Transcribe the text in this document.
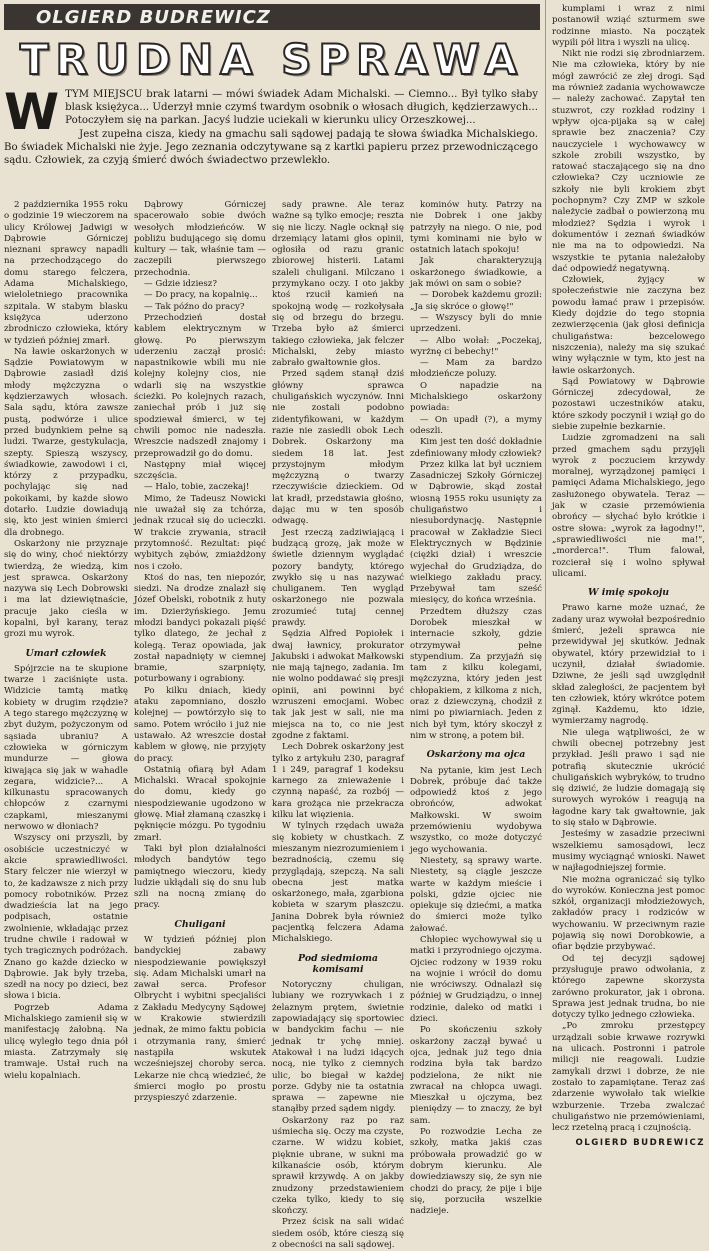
OLGIERD BUDREWICZ
TRUDNA SPRAWA
W TYM MIEJSCU brak latarni — mówi świadek Adam Michalski. — Ciemno... Był tylko słaby blask księżyca... Uderzył mnie czymś twardym osobnik o włosach długich, kędzierzawych... Potoczyłem się na parkan. Jacyś ludzie uciekali w kierunku ulicy Orzeszkowej...

Jest zupełna cisza, kiedy na gmachu sali sądowej padają te słowa świadka Michalskiego. Bo świadek Michalski nie żyje. Jego zeznania odczytywane są z kartki papieru przez przewodniczącego sądu. Człowiek, za czyją śmierć dwóch świadectwo przewlekło.

2 października 1955 roku o godzinie 19 wieczorem na ulicy Królowej Jadwigi w Dąbrowie Górniczej nieznani sprawcy napadli na przechodzącego do domu starego felczera, Adama Michalskiego, wieloletniego pracownika szpitala. W stabym blasku księżyca uderzono zbrodniczo człowieka, który w tydzień później zmarł.

Na ławie oskarżonych w Sądzie Powiatowym w Dąbrowie zasiadł dziś młody mężczyzna o kędzierzawych włosach. Sala sądu, która zawsze pustą, podwórze i ulice przed budynkiem pełne są ludzi. Twarze, gestykulacja, szepty. Spieszą wszyscy, świadkowie, zawodowi i ci, którzy z przypadku, pochylając się nad pokoikami, by każde słowo dotarło. Ludzie dowiadują się, kto jest winien śmierci dla drobnego.

Oskarżony nie przyznaje się do winy, choć niektórzy twierdzą, że wiedzą, kim jest sprawca. Oskarżony nazywa się Lech Dobrowski i ma lat dziewiętnaście, pracuje jako cieśla w kopalni, był karany, teraz grozi mu wyrok.

Umarł człowiek

Spójrzcie na te skupione twarze i zaciśnięte usta. Widzicie tamtą matkę kobiety w drugim rzędzie? A tego starego mężczyznę w zbyt dużym, pożyczonym od sąsiada ubraniu? A człowieka w górniczym mundurze — głowa kiwająca się jak w wahadle zegara, widzicie?... A kilkunastu spracowanych chłopców z czarnymi czapkami, mieszanymi nerwowo w dłoniach?

Wszyscy oni przyszli, by osobiście uczestniczyć w akcie sprawiedliwości. Stary felczer nie wierzył w to, że kadzawsze z nich przy pomocy robotników. Przez dwadzieścia lat na jego podpisach, ostatnie zwolnienie, wkładając przez trudne chwile i radował w tych tragicznych podróżach. Znano go każde dziecko w Dąbrowie. Jak były trzeba, szedł na nocy po dzieci, bez słowa i bicia.

Pogrzeb Adama Michalskiego zamienił się w manifestację żałobną. Na ulicę wyległo tego dnia pół miasta. Zatrzymały się tramwaje. Ustał ruch na wielu kopalniach.

Dąbrowy Górniczej spacerowało sobie dwóch wesołych młodzieńców. W pobliżu budującego się domu kultury — tak, właśnie tam — zaczepili pierwszego przechodnia.

— Gdzie idziesz?

— Do pracy, na kopalnię...

— Tak późno do pracy?

Przechodzień dostał kablem elektrycznym w głowę. Po pierwszym uderzeniu zaczął prosić: napastnikowie wbili mu nie kolejny kolejny cios, nie wdarli się na wszystkie ścieżki. Po kolejnych razach, zaniechał prób i już się spodziewał śmierci, w tej chwili pomoc nie nadeszła. Wreszcie nadszedł znajomy i przeprowadził go do domu.

Następny miał więcej szczęścia.

— Halo, tobie, zaczekaj!

Mimo, że Tadeusz Nowicki nie uważał się za tchórza, jednak rzucał się do ucieczki. W trakcie zrywania, stracił przytomność. Rezultat: pięć wybitych zębów, zmiażdżony nos i czoło.

Ktoś do nas, ten niepozór, siedzi. Na drodze znalazł się Józef Obelski, robotnik z huty im. Dzierżyńskiego. Jemu młodzi bandyci pokazali pięść tylko dlatego, że jechał z kolegą. Teraz opowiada, jak został napadnięty w ciemnej bramie, szarpnięty, poturbowany i ograbiony.

Po kilku dniach, kiedy ataku zapomniano, doszło kolejnej — powtórzyło się to samo. Potem wróciło i już nie ustawało. Aż wreszcie dostał kablem w głowę, nie przyjęty do pracy.

Ostatnią ofiarą był Adam Michalski. Wracał spokojnie do domu, kiedy go niespodziewanie ugodzono w głowę. Miał złamaną czaszkę i pęknięcie mózgu. Po tygodniu zmarł.

Taki był plon działalności młodych bandytów tego pamiętnego wieczoru, kiedy ludzie ukłądali się do snu lub szli na nocną zmianę do pracy.

Chuligani

W tydzień później plon bandyckiej zabawy niespodziewanie powiększył się. Adam Michalski umarł na zawał serca. Profesor Olbrycht i wybitni specjaliści z Zakładu Medycyny Sądowej w Krakowie stwierdzili jednak, że mimo faktu pobicia i otrzymania rany, śmierć nastąpiła wskutek wcześniejszej choroby serca. Lekarze nie chcą wiedzieć, że śmierci mogło po prostu przyspieszyć zdarzenie.

sady prawne. Ale teraz ważne są tylko emocje; reszta się nie liczy. Nagle ocknął się drzemiący latami głos opinii, ogłosiła od razu granic zbiorowej histerii. Latami szaleli chuligani. Milczano i przymykano oczy. I oto jakby ktoś rzucił kamień na spokojną wodę — rozkołysała się od brzegu do brzegu. Trzeba było aż śmierci takiego człowieka, jak felczer Michalski, żeby miasto zabrało gwałtownie głos.

Przed sądem stanął dziś główny sprawca chuligańskich wyczynów. Inni nie zostali podobno zidentyfikowani, w każdym razie nie zasiedli obok Lech Dobrek. Oskarżony ma siedem 18 lat. Jest przystojnym młodym mężczyzną o twarzy rzeczywiście dzieckiem. Od lat kradł, przedstawia głośno, dając mu w ten sposób odwagę.

Jest rzeczą zadziwiającą i budzącą grozę, jak może w świetle dziennym wyglądać pozory bandyty, którego zwykło się u nas nazywać chuliganem. Ten wygląd oskarżonego nie pozwala zrozumieć tutaj cennej prawdy.

Sędzia Alfred Popiołek i dwaj ławnicy, prokurator Jakubski i adwokat Małkowski nie mają tajnego, zadania. Im nie wolno poddawać się presji opinii, ani powinni być wzruszeni emocjami. Wobec tak jak jest w sali, nie ma miejsca na to, co nie jest zgodne z faktami.

Lech Dobrek oskarżony jest tylko z artykułu 230, paragraf 1 i 249, paragraf 1 kodeksu karnego za znieważenie i czynną napaść, za rozbój — kara grożąca nie przekracza kilku lat więzienia.

W tylnych rzędach uważa się kobiety w chustkach. Z mieszanym niezrozumieniem i bezradnością, czemu się przyglądają, szepczą. Na sali obecna jest matka oskarżonego, mała, zgarbiona kobieta w szarym płaszczu. Janina Dobrek była również pacjentką felczera Adama Michalskiego.

Pod siedmioma komisami

Notoryczny chuligan, lubiany we rozrywkach i z żelaznym prętem, świetnie zapowiadający się sportowiec w bandyckim fachu — nie jednak tr ychę mniej. Atakował i na ludzi idących nocą, nie tylko z ciemnych ulic, bo biegał w każdej porze. Gdyby nie ta ostatnia sprawa — zapewne nie stanąłby przed sądem nigdy.

Oskarżony raz po raz uśmiecha się. Oczy ma czyste, czarne. W widzu kobiet, pięknie ubrane, w sukni ma kilkanaście osób, którym sprawił krzywdę. A on jakby znudzony przedstawieniem czeka tylko, kiedy to się skończy.

Przez ścisk na sali widać siedem osób, które cieszą się z obecności na sali sądowej.

kominów huty. Patrzy na nie Dobrek i one jakby patrzyły na niego. O nie, pod tymi kominami nie było w ostatnich latach spokoju!

Jak charakteryzują oskarżonego świadkowie, a jak mówi on sam o sobie?

— Dorobek każdemu groził: „Ja się skróce o głowę!"

— Wszyscy byli do mnie uprzedzeni.

— Albo wołał: „Poczekaj, wyrżnę ci bebechy!"

— Mam za bardzo młodzieńcze poluzy.

O napadzie na Michalskiego oskarżony powiada:

— On upadł (?), a mymy odeszli.

Kim jest ten dość dokładnie zdefiniowany młody człowiek?

Przez kilka lat był uczniem Zasadniczej Szkoły Górniczej w Dąbrowie, skąd został wiosną 1955 roku usunięty za chuligaństwo i niesubordynację. Następnie pracował w Zakładzie Sieci Elektrycznych w Będzinie (ciężki dział) i wreszcie wyjechał do Grudziądza, do wielkiego zakładu pracy. Przebywał tam sześć miesięcy, do końca września.

Przedtem dłuższy czas Dorobek mieszkał w internacie szkoły, gdzie otrzymywał pełne stypendium. Za przyjaźń się tam z kilku kolegami, mężczyzna, który jeden jest chłopakiem, z kilkoma z nich, oraz z dziewczyną, chodził z nimi po piwiarniach. Jeden z nich był tym, który skoczył z nim w stronę, a potem bił.

Oskarżony ma ojca

Na pytanie, kim jest Lech Dobrek, próbuje dać także odpowiedź ktoś z jego obrońców, adwokat Małkowski. W swoim przemówieniu wydobywa wszystko, co może dotyczyć jego wychowania.

Niestety, są sprawy warte. Niestety, są ciągle jeszcze warte w każdym mieście i polski, gdzie ojciec nie opiekuje się dziećmi, a matka do śmierci może tylko żałować.

Chłopiec wychowywał się u matki i przyrodniego ojczyma. Ojciec rodzony w 1939 roku na wojnie i wrócił do domu nie wróciwszy. Odnalazł się później w Grudziądzu, o innej rodzinie, daleko od matki i dzieci.

Po skończeniu szkoły oskarżony zaczął bywać u ojca, jednak już tego dnia rodzina była tak bardzo podzielona, że nikt nie zwracał na chłopca uwagi. Mieszkał u ojczyma, bez pieniędzy — to znaczy, że był sam.

Po rozwodzie Lecha ze szkoły, matka jakiś czas próbowała prowadzić go w dobrym kierunku. Ale dowiedziawszy się, że syn nie chodzi do pracy, że pije i bije się, porzuciła wszelkie nadzieje.

kumplami i wraz z nimi postanowił wziąć szturmem swe rodzinne miasto. Na początek wypili pół litra i wyszli na ulicę.

Nikt nie rodzi się zbrodniarzem. Nie ma człowieka, który by nie mógł zawrócić ze złej drogi. Sąd ma również zadania wychowawcze — należy zachować. Zapytał ten stuzwrot, czy rozkład rodziny i wpływ ojca-pijaka są w całej sprawie bez znaczenia? Czy nauczyciele i wychowawcy w szkole zrobili wszystko, by ratować staczającego się na dno człowieka? Czy uczniowie ze szkoły nie byli krokiem zbyt pochopnym? Czy ZMP w szkole należycie zadbał o powierzoną mu młodzież? Sędzia i wyrok i dokumentów i zeznań świadków nie ma na to odpowiedzi. Na wszystkie te pytania należałoby dać odpowiedź negatywną.

Człowiek, żyjący w społeczeństwie nie zaczyna bez powodu łamać praw i przepisów. Kiedy dojdzie do tego stopnia zezwierzęcenia (jak głosi definicja chuligaństwa: bezcelowego niszczenia), należy ma się szukać winy wyłącznie w tym, kto jest na ławie oskarżonych.

Sąd Powiatowy w Dąbrowie Górniczej zdecydował, że pozostawi uczestników ataku, które szkody poczynił i wziął go do siebie zupełnie bezkarnie.

Ludzie zgromadzeni na sali przed gmachem sądu przyjęli wyrok z poczuciem krzywdy moralnej, wyrządzonej pamięci i pamięci Adama Michalskiego, jego zasłużonego obywatela. Teraz — jak w czasie przemówienia obrońcy — słychać było krótkie i ostre słowa: „wyrok za łagodny!", „sprawiedliwości nie ma!", „morderca!". Tłum falował, rozcierał się i wolno spływał ulicami.

W imię spokoju

Prawo karne może uznać, że zadany uraz wywołał bezpośrednio śmierć, jeżeli sprawca nie przewidywał jej skutków. Jednak obywatel, który przewidział to i uczynił, działał świadomie. Dziwne, że jeśli sąd uwzględnił skład zaległości, że pacjentem był ten człowiek, który wkrótce potem zginął. Każdemu, kto idzie, wymierzamy nagrodę.

Nie ulega wątpliwości, że w chwili obecnej potrzebny jest przykład. Jeśli prawo i sąd nie potrafią skutecznie ukrócić chuligańskich wybryków, to trudno się dziwić, że ludzie domagają się surowych wyroków i reagują na łagodne kary tak gwałtownie, jak to się stało w Dąbrowie.

Jesteśmy w zasadzie przeciwni wszelkiemu samosądowi, lecz musimy wyciągnąć wnioski. Nawet w najłagodniejszej formie.

Nie można ograniczać się tylko do wyroków. Konieczna jest pomoc szkół, organizacji młodzieżowych, zakładów pracy i rodziców w wychowaniu. W przeciwnym razie pojawią się nowi Dorobkowie, a ofiar będzie przybywać.

Od tej decyzji sądowej przysługuje prawo odwołania, z którego zapewne skorzysta zarówno prokurator, jak i obrona. Sprawa jest jednak trudna, bo nie dotyczy tylko jednego człowieka.

„Po zmroku przestępcy urządzali sobie krwawe rozrywki na ulicach. Postronni i patrole milicji nie reagowali. Ludzie zamykali drzwi i dobrze, że nie zostało to zapamiętane. Teraz zaś zdarzenie wywołało tak wielkie wzburzenie. Trzeba zwalczać chuligaństwo nie przemówieniami, lecz rzetelną pracą i czujnością.

OLGIERD BUDREWICZ
